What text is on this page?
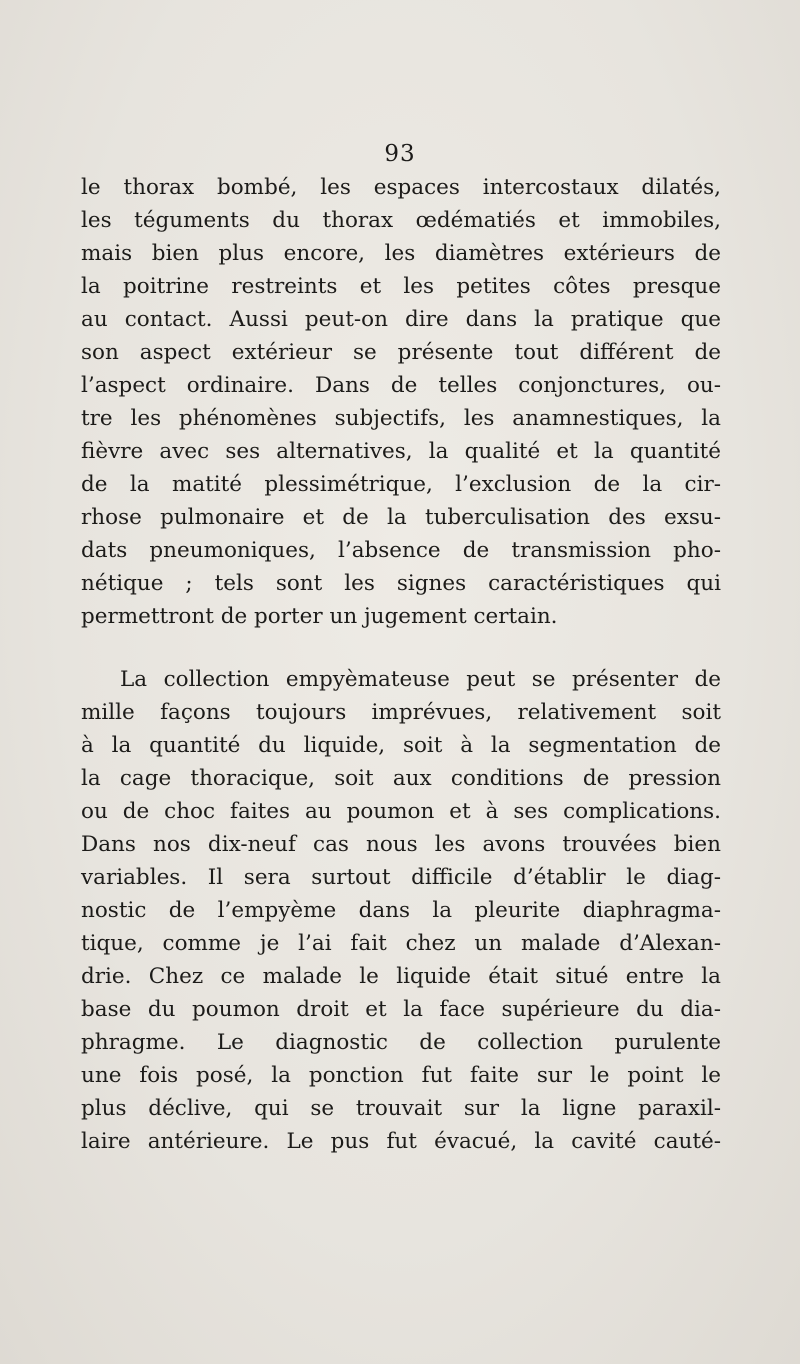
93
le thorax bombé, les espaces intercostaux dilatés,
les téguments du thorax œdématiés et immobiles,
mais bien plus encore, les diamètres extérieurs de
la poitrine restreints et les petites côtes presque
au contact. Aussi peut-on dire dans la pratique que
son aspect extérieur se présente tout différent de
l’aspect ordinaire. Dans de telles conjonctures, ou-
tre les phénomènes subjectifs, les anamnestiques, la
fièvre avec ses alternatives, la qualité et la quantité
de la matité plessimétrique, l’exclusion de la cir-
rhose pulmonaire et de la tuberculisation des exsu-
dats pneumoniques, l’absence de transmission pho-
nétique ; tels sont les signes caractéristiques qui
permettront de porter un jugement certain.
La collection empyèmateuse peut se présenter de
mille façons toujours imprévues, relativement soit
à la quantité du liquide, soit à la segmentation de
la cage thoracique, soit aux conditions de pression
ou de choc faites au poumon et à ses complications.
Dans nos dix-neuf cas nous les avons trouvées bien
variables. Il sera surtout difficile d’établir le diag-
nostic de l’empyème dans la pleurite diaphragma-
tique, comme je l’ai fait chez un malade d’Alexan-
drie. Chez ce malade le liquide était situé entre la
base du poumon droit et la face supérieure du dia-
phragme. Le diagnostic de collection purulente
une fois posé, la ponction fut faite sur le point le
plus déclive, qui se trouvait sur la ligne paraxil-
laire antérieure. Le pus fut évacué, la cavité cauté-
